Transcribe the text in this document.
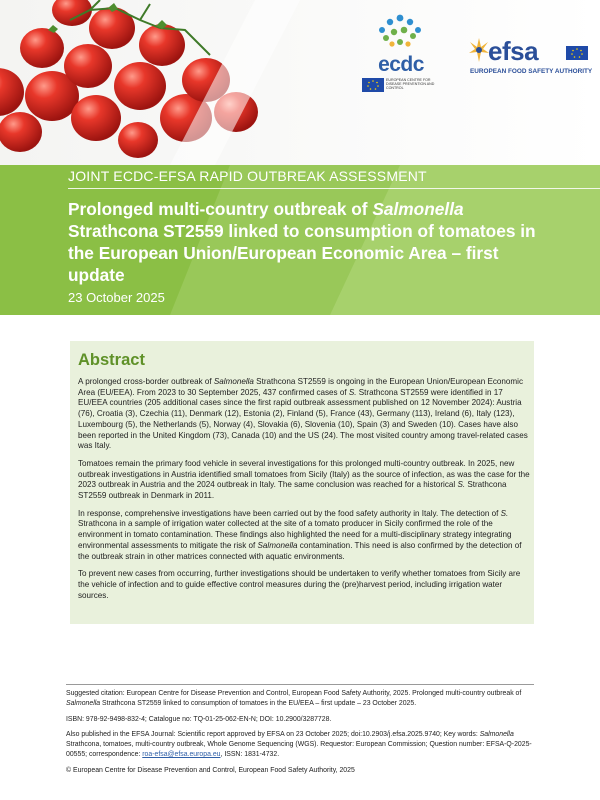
ecdc
EUROPEAN CENTRE FOR DISEASE PREVENTION AND CONTROL
efsa
EUROPEAN FOOD SAFETY AUTHORITY
JOINT ECDC-EFSA RAPID OUTBREAK ASSESSMENT
Prolonged multi-country outbreak of Salmonella Strathcona ST2559 linked to consumption of tomatoes in the European Union/European Economic Area – first update
23 October 2025
Abstract

A prolonged cross-border outbreak of Salmonella Strathcona ST2559 is ongoing in the European Union/European Economic Area (EU/EEA). From 2023 to 30 September 2025, 437 confirmed cases of S. Strathcona ST2559 were identified in 17 EU/EEA countries (205 additional cases since the first rapid outbreak assessment published on 12 November 2024): Austria (76), Croatia (3), Czechia (11), Denmark (12), Estonia (2), Finland (5), France (43), Germany (113), Ireland (6), Italy (123), Luxembourg (5), the Netherlands (5), Norway (4), Slovakia (6), Slovenia (10), Spain (3) and Sweden (10). Cases have also been reported in the United Kingdom (73), Canada (10) and the US (24). The most visited country among travel-related cases was Italy.

Tomatoes remain the primary food vehicle in several investigations for this prolonged multi-country outbreak. In 2025, new outbreak investigations in Austria identified small tomatoes from Sicily (Italy) as the source of infection, as was the case for the 2023 outbreak in Austria and the 2024 outbreak in Italy. The same conclusion was reached for a historical S. Strathcona ST2559 outbreak in Denmark in 2011.

In response, comprehensive investigations have been carried out by the food safety authority in Italy. The detection of S. Strathcona in a sample of irrigation water collected at the site of a tomato producer in Sicily confirmed the role of the environment in tomato contamination. These findings also highlighted the need for a multi-disciplinary strategy integrating environmental assessments to mitigate the risk of Salmonella contamination. This need is also confirmed by the detection of the outbreak strain in other matrices connected with aquatic environments.

To prevent new cases from occurring, further investigations should be undertaken to verify whether tomatoes from Sicily are the vehicle of infection and to guide effective control measures during the (pre)harvest period, including irrigation water sources.

Suggested citation: European Centre for Disease Prevention and Control, European Food Safety Authority, 2025. Prolonged multi-country outbreak of Salmonella Strathcona ST2559 linked to consumption of tomatoes in the EU/EEA – first update – 23 October 2025.

ISBN: 978-92-9498-832-4; Catalogue no: TQ-01-25-062-EN-N; DOI: 10.2900/3287728.

Also published in the EFSA Journal: Scientific report approved by EFSA on 23 October 2025; doi:10.2903/j.efsa.2025.9740; Key words: Salmonella Strathcona, tomatoes, multi-country outbreak, Whole Genome Sequencing (WGS). Requestor: European Commission; Question number: EFSA-Q-2025-00555; correspondence: roa-efsa@efsa.europa.eu, ISSN: 1831-4732.

© European Centre for Disease Prevention and Control, European Food Safety Authority, 2025
